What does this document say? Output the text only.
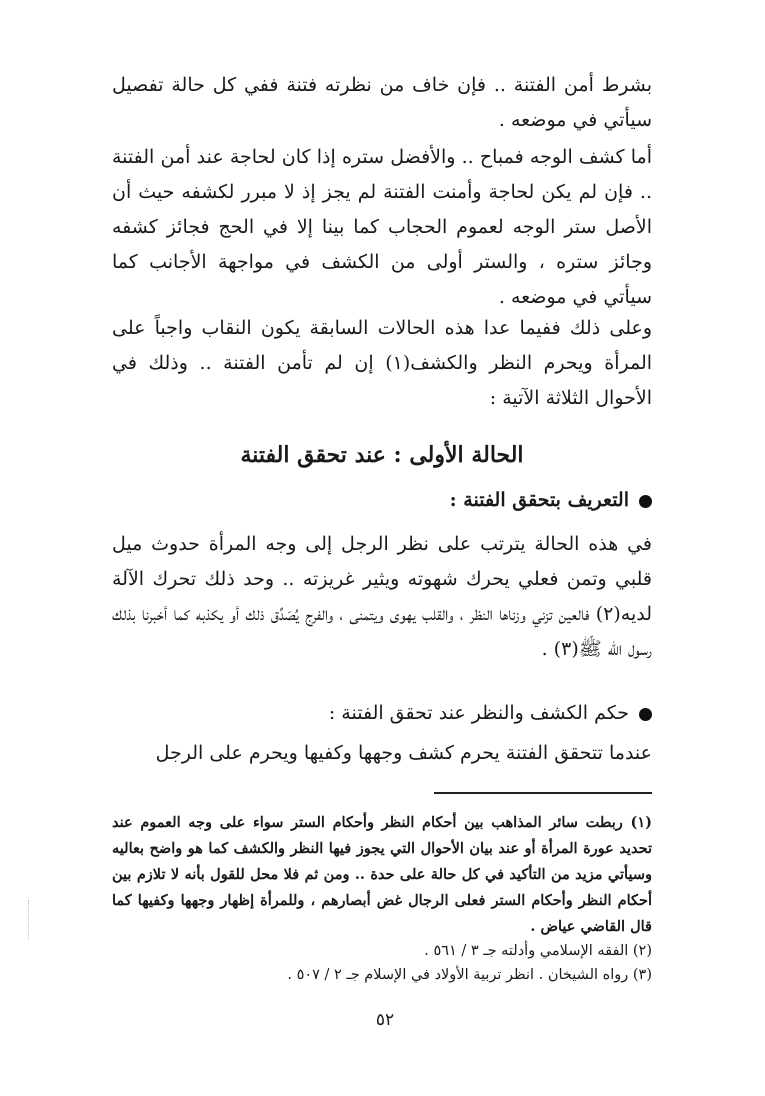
بشرط أمن الفتنة .. فإن خاف من نظرته فتنة ففي كل حالة تفصيل سيأتي في موضعه .
أما كشف الوجه فمباح .. والأفضل ستره إذا كان لحاجة عند أمن الفتنة .. فإن لم يكن لحاجة وأمنت الفتنة لم يجز إذ لا مبرر لكشفه حيث أن الأصل ستر الوجه لعموم الحجاب كما بينا إلا في الحج فجائز كشفه وجائز ستره ، والستر أولى من الكشف في مواجهة الأجانب كما سيأتي في موضعه .
وعلى ذلك ففيما عدا هذه الحالات السابقة يكون النقاب واجباً على المرأة ويحرم النظر والكشف(١) إن لم تأمن الفتنة .. وذلك في الأحوال الثلاثة الآتية :
الحالة الأولى : عند تحقق الفتنة
التعريف بتحقق الفتنة :
في هذه الحالة يترتب على نظر الرجل إلى وجه المرأة حدوث ميل قلبي وتمن فعلي يحرك شهوته ويثير غريزته .. وحد ذلك تحرك الآلة لديه(٢) فالعين تزني وزناها النظر ، والقلب يهوى ويتمنى ، والفرج يُصَدِّق ذلك أو يكذبه كما أخبرنا بذلك رسول الله ﷺ(٣) .
حكم الكشف والنظر عند تحقق الفتنة :
عندما تتحقق الفتنة يحرم كشف وجهها وكفيها ويحرم على الرجل
(١) ربطت سائر المذاهب بين أحكام النظر وأحكام الستر سواء على وجه العموم عند تحديد عورة المرأة أو عند بيان الأحوال التي يجوز فيها النظر والكشف كما هو واضح بعاليه وسيأتي مزيد من التأكيد في كل حالة على حدة .. ومن ثم فلا محل للقول بأنه لا تلازم بين أحكام النظر وأحكام الستر فعلى الرجال غض أبصارهم ، وللمرأة إظهار وجهها وكفيها كما قال القاضي عياض .
(٢) الفقه الإسلامي وأدلته جـ ٣ / ٥٦١ .
(٣) رواه الشيخان . انظر تربية الأولاد في الإسلام جـ ٢ / ٥٠٧ .
٥٢
